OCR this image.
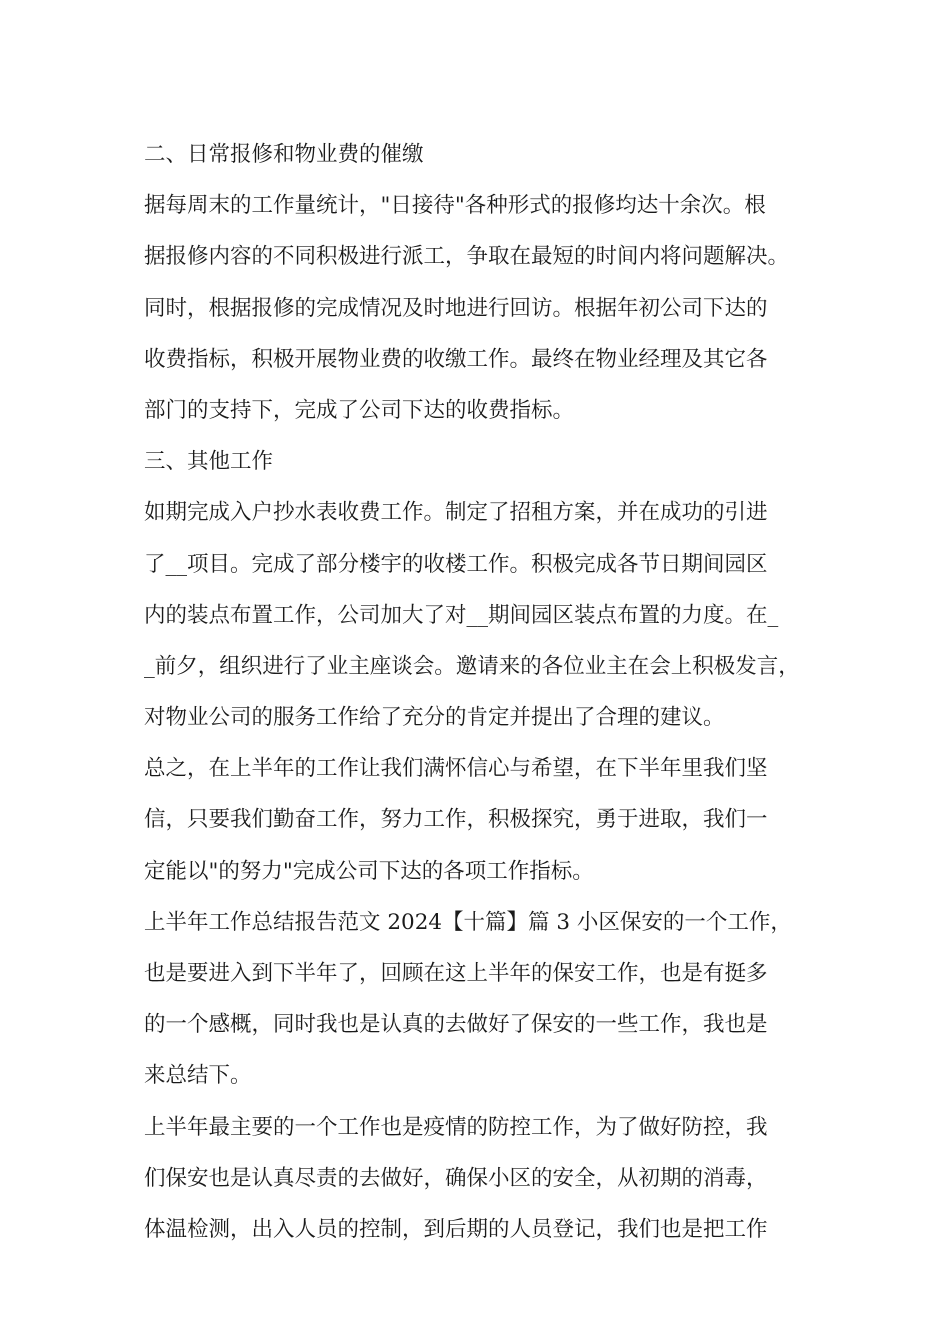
二、日常报修和物业费的催缴
据每周末的工作量统计，"日接待"各种形式的报修均达十余次。根
据报修内容的不同积极进行派工，争取在最短的时间内将问题解决。
同时，根据报修的完成情况及时地进行回访。根据年初公司下达的
收费指标，积极开展物业费的收缴工作。最终在物业经理及其它各
部门的支持下，完成了公司下达的收费指标。
三、其他工作
如期完成入户抄水表收费工作。制定了招租方案，并在成功的引进
了__项目。完成了部分楼宇的收楼工作。积极完成各节日期间园区
内的装点布置工作，公司加大了对__期间园区装点布置的力度。在_
_前夕，组织进行了业主座谈会。邀请来的各位业主在会上积极发言，
对物业公司的服务工作给了充分的肯定并提出了合理的建议。
总之，在上半年的工作让我们满怀信心与希望，在下半年里我们坚
信，只要我们勤奋工作，努力工作，积极探究，勇于进取，我们一
定能以"的努力"完成公司下达的各项工作指标。
上半年工作总结报告范文 2024【十篇】篇 3 小区保安的一个工作，
也是要进入到下半年了，回顾在这上半年的保安工作，也是有挺多
的一个感概，同时我也是认真的去做好了保安的一些工作，我也是
来总结下。
上半年最主要的一个工作也是疫情的防控工作，为了做好防控，我
们保安也是认真尽责的去做好，确保小区的安全，从初期的消毒，
体温检测，出入人员的控制，到后期的人员登记，我们也是把工作
